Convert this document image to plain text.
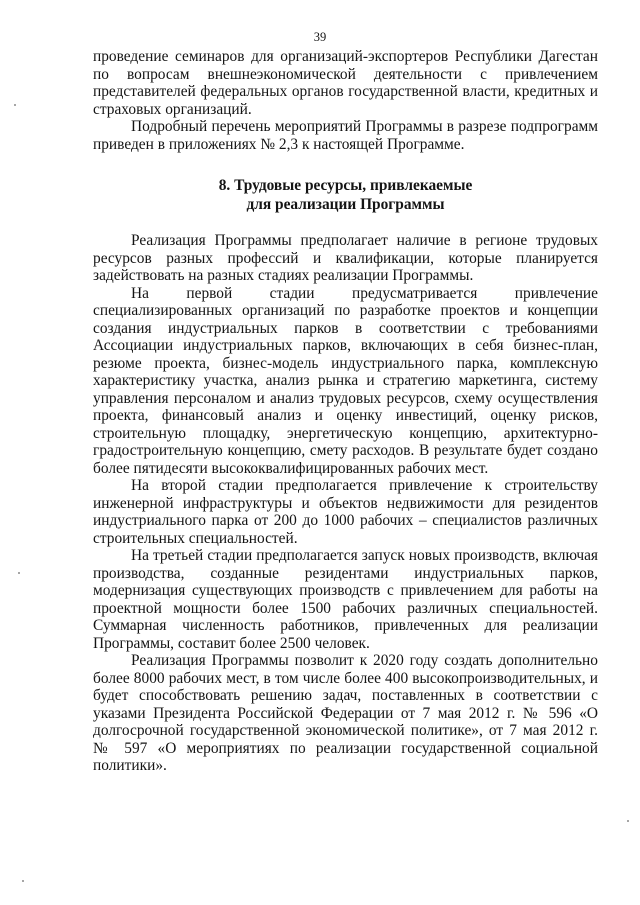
39

проведение семинаров для организаций-экспортеров Республики Дагестан по вопросам внешнеэкономической деятельности с привлечением представителей федеральных органов государственной власти, кредитных и страховых организаций.

Подробный перечень мероприятий Программы в разрезе подпрограмм приведен в приложениях № 2,3 к настоящей Программе.

8. Трудовые ресурсы, привлекаемые
для реализации Программы

Реализация Программы предполагает наличие в регионе трудовых ресурсов разных профессий и квалификации, которые планируется задействовать на разных стадиях реализации Программы.

На первой стадии предусматривается привлечение специализированных организаций по разработке проектов и концепции создания индустриальных парков в соответствии с требованиями Ассоциации индустриальных парков, включающих в себя бизнес-план, резюме проекта, бизнес-модель индустриального парка, комплексную характеристику участка, анализ рынка и стратегию маркетинга, систему управления персоналом и анализ трудовых ресурсов, схему осуществления проекта, финансовый анализ и оценку инвестиций, оценку рисков, строительную площадку, энергетическую концепцию, архитектурно-градостроительную концепцию, смету расходов. В результате будет создано более пятидесяти высококвалифицированных рабочих мест.

На второй стадии предполагается привлечение к строительству инженерной инфраструктуры и объектов недвижимости для резидентов индустриального парка от 200 до 1000 рабочих – специалистов различных строительных специальностей.

На третьей стадии предполагается запуск новых производств, включая производства, созданные резидентами индустриальных парков, модернизация существующих производств с привлечением для работы на проектной мощности более 1500 рабочих различных специальностей. Суммарная численность работников, привлеченных для реализации Программы, составит более 2500 человек.

Реализация Программы позволит к 2020 году создать дополнительно более 8000 рабочих мест, в том числе более 400 высокопроизводительных, и будет способствовать решению задач, поставленных в соответствии с указами Президента Российской Федерации от 7 мая 2012 г. № 596 «О долгосрочной государственной экономической политике», от 7 мая 2012 г. № 597 «О мероприятиях по реализации государственной социальной политики».
